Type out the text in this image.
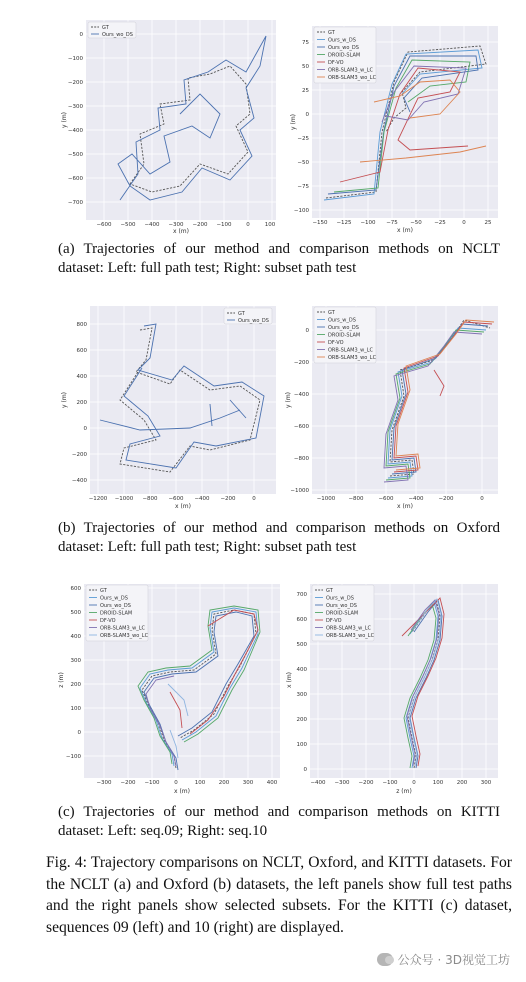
GT
Ours_wo_DS
−600 −500 −400 −300 −200 −100	0	100
0
−100
−200
−300
−400
−500
−600
−700
x (m)
y (m)
GT
Ours_w_DS
Ours_wo_DS
DROID-SLAM
DF-VO
ORB-SLAM3_w_LC
ORB-SLAM3_wo_LC
−150 −125 −100 −75 −50 −25	0	25
75
50
25
0
−25
−50
−75
−100
x (m)
y (m)
(a) Trajectories of our method and comparison methods on NCLT dataset: Left: full path test; Right: subset path test
GT
Ours_wo_DS
−1200 −1000 −800 −600 −400 −200	0
800
600
400
200
0
−200
−400
x (m)
y (m)
GT
Ours_w_DS
Ours_wo_DS
DROID-SLAM
DF-VO
ORB-SLAM3_w_LC
ORB-SLAM3_wo_LC
−1000 −800	−600	−400	−200	0
0
−200
−400
−600
−800
−1000
x (m)
y (m)
(b) Trajectories of our method and comparison methods on Oxford dataset: Left: full path test; Right: subset path test
GT
Ours_w_DS
Ours_wo_DS
DROID-SLAM
DF-VO
ORB-SLAM3_w_LC
ORB-SLAM3_wo_LC
−300 −200 −100	0	100 200 300 400
600
500
400
300
200
100
0
−100
x (m)
z (m)
GT
Ours_w_DS
Ours_wo_DS
DROID-SLAM
DF-VO
ORB-SLAM3_w_LC
ORB-SLAM3_wo_LC
−400 −300 −200 −100	0	100 200 300
700
600
500
400
300
200
100
0
z (m)
x (m)
(c) Trajectories of our method and comparison methods on KITTI dataset: Left: seq.09; Right: seq.10
Fig. 4: Trajectory comparisons on NCLT, Oxford, and KITTI datasets. For the NCLT (a) and Oxford (b) datasets, the left panels show full test paths and the right panels show selected subsets. For the KITTI (c) dataset, sequences 09 (left) and 10 (right) are displayed.
公众号 · 3D视觉工坊
